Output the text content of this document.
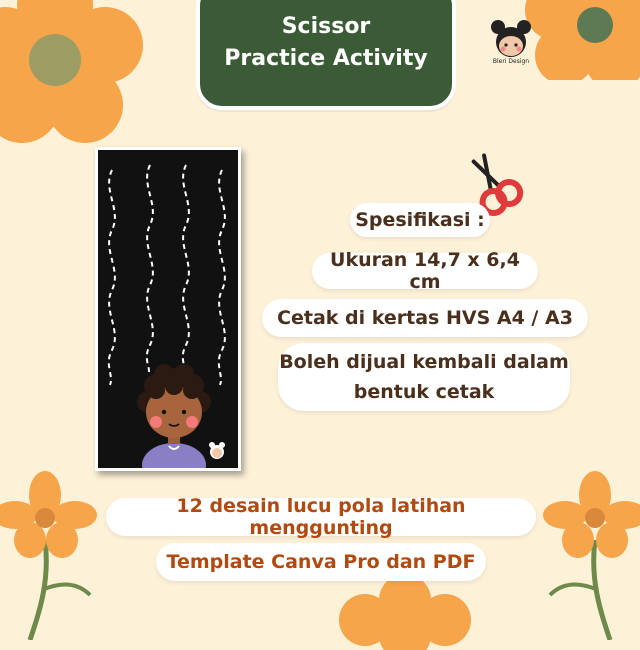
Scissor
Practice Activity	Bleri Design
Spesifikasi :
Ukuran 14,7 x 6,4 cm
Cetak di kertas HVS A4 / A3
Boleh dijual kembali dalam
bentuk cetak
12 desain lucu pola latihan menggunting
Template Canva Pro dan PDF
